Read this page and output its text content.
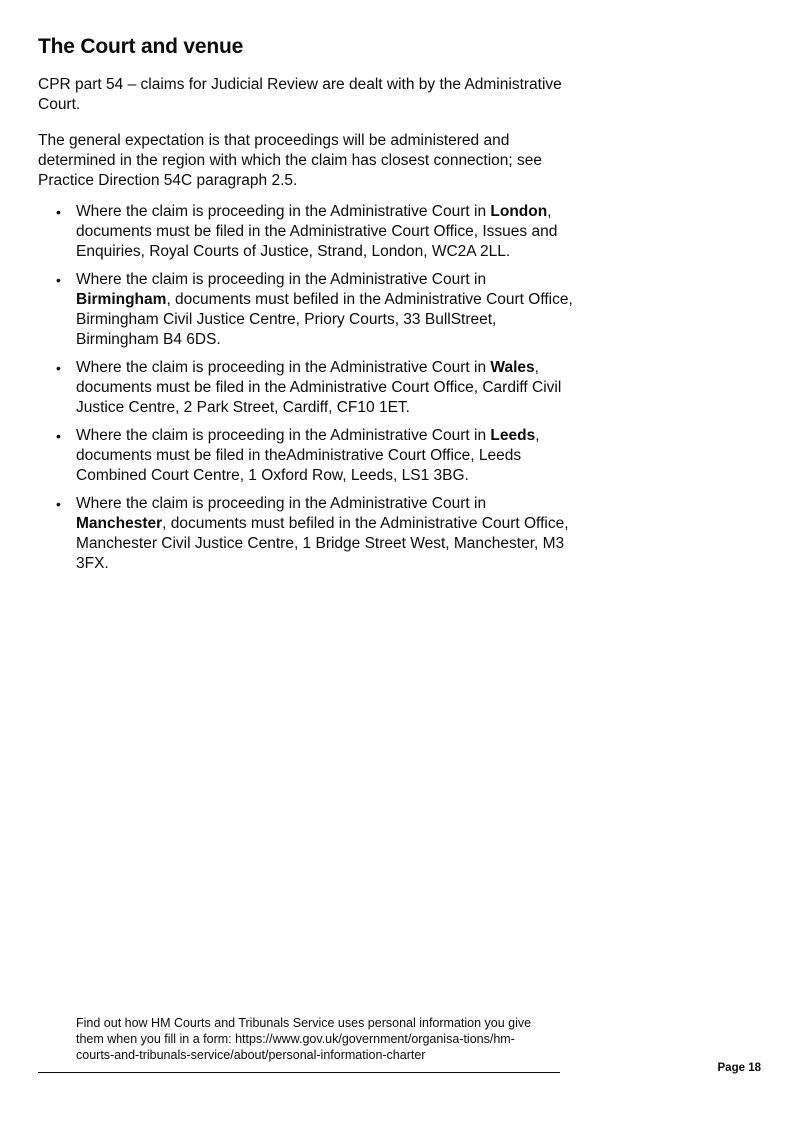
The Court and venue

CPR part 54 – claims for Judicial Review are dealt with by the Administrative Court.

The general expectation is that proceedings will be administered and determined in the region with which the claim has closest connection; see Practice Direction 54C paragraph 2.5.

• Where the claim is proceeding in the Administrative Court in London, documents must be filed in the Administrative Court Office, Issues and Enquiries, Royal Courts of Justice, Strand, London, WC2A 2LL.
• Where the claim is proceeding in the Administrative Court in Birmingham, documents must befiled in the Administrative Court Office, Birmingham Civil Justice Centre, Priory Courts, 33 BullStreet, Birmingham B4 6DS.
• Where the claim is proceeding in the Administrative Court in Wales, documents must be filed in the Administrative Court Office, Cardiff Civil Justice Centre, 2 Park Street, Cardiff, CF10 1ET.
• Where the claim is proceeding in the Administrative Court in Leeds, documents must be filed in theAdministrative Court Office, Leeds Combined Court Centre, 1 Oxford Row, Leeds, LS1 3BG.
• Where the claim is proceeding in the Administrative Court in Manchester, documents must befiled in the Administrative Court Office, Manchester Civil Justice Centre, 1 Bridge Street West, Manchester, M3 3FX.

Find out how HM Courts and Tribunals Service uses personal information you give them when you fill in a form: https://www.gov.uk/government/organisa-tions/hm-courts-and-tribunals-service/about/personal-information-charter

Page 18
